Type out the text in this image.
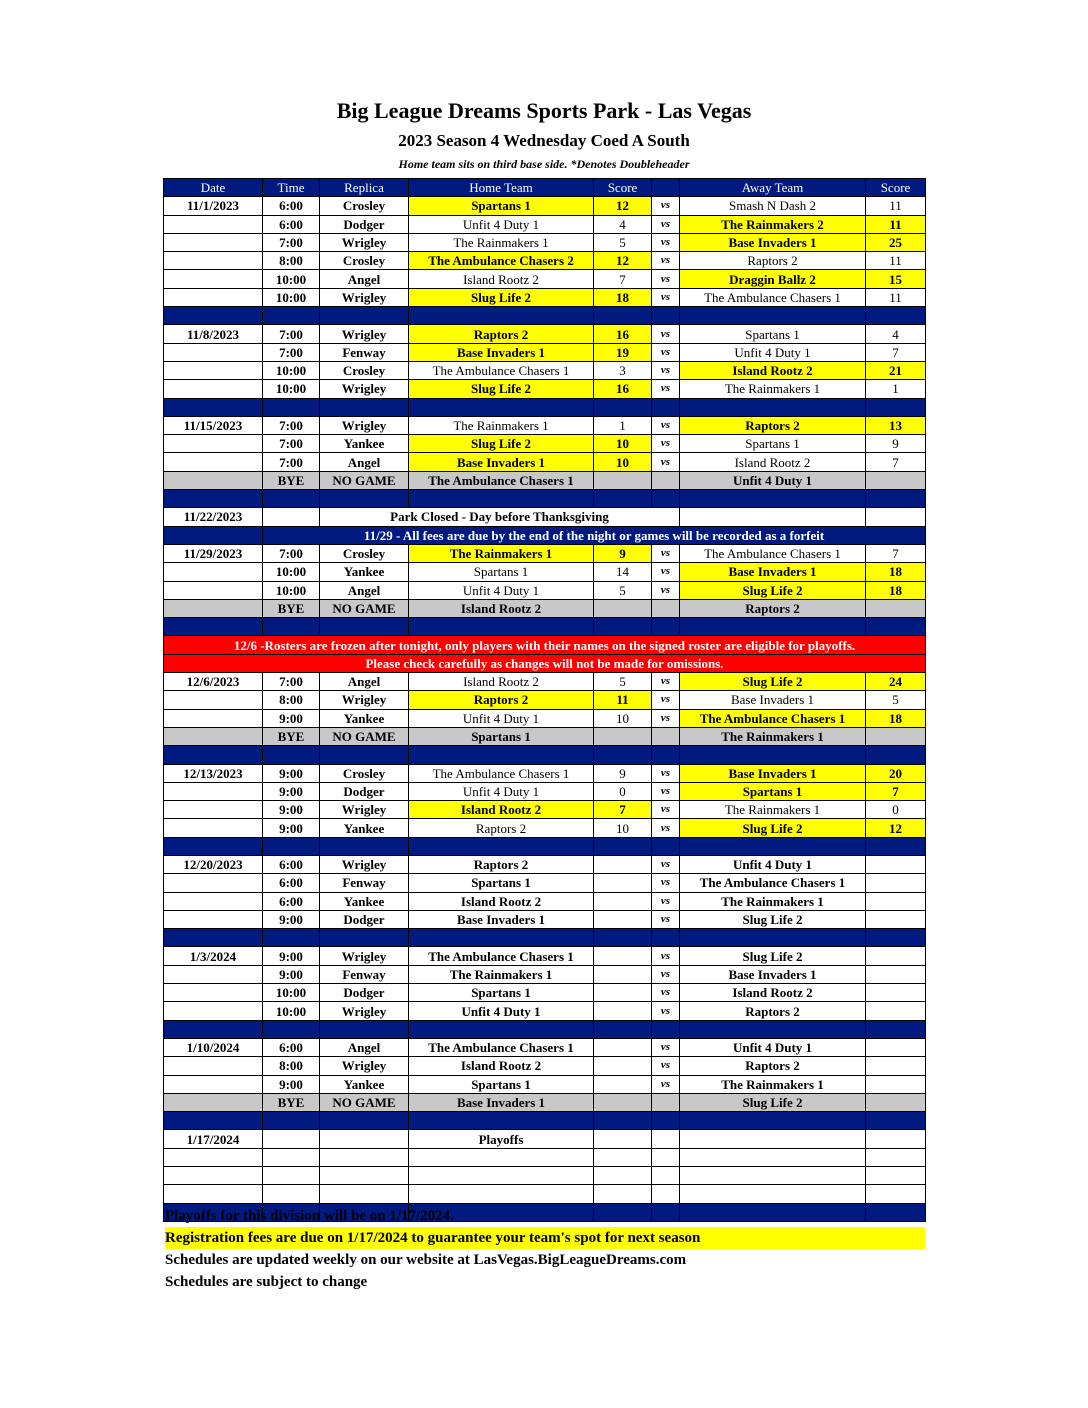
Big League Dreams Sports Park - Las Vegas
2023 Season 4 Wednesday Coed A South
Home team sits on third base side. *Denotes Doubleheader
Date	Time	Replica	Home Team	Score		Away Team	Score
11/1/2023	6:00	Crosley	Spartans 1	12	vs	Smash N Dash 2	11
	6:00	Dodger	Unfit 4 Duty 1	4	vs	The Rainmakers 2	11
	7:00	Wrigley	The Rainmakers 1	5	vs	Base Invaders 1	25
	8:00	Crosley	The Ambulance Chasers 2	12	vs	Raptors 2	11
	10:00	Angel	Island Rootz 2	7	vs	Draggin Ballz 2	15
	10:00	Wrigley	Slug Life 2	18	vs	The Ambulance Chasers 1	11

11/8/2023	7:00	Wrigley	Raptors 2	16	vs	Spartans 1	4
	7:00	Fenway	Base Invaders 1	19	vs	Unfit 4 Duty 1	7
	10:00	Crosley	The Ambulance Chasers 1	3	vs	Island Rootz 2	21
	10:00	Wrigley	Slug Life 2	16	vs	The Rainmakers 1	1

11/15/2023	7:00	Wrigley	The Rainmakers 1	1	vs	Raptors 2	13
	7:00	Yankee	Slug Life 2	10	vs	Spartans 1	9
	7:00	Angel	Base Invaders 1	10	vs	Island Rootz 2	7
	BYE	NO GAME	The Ambulance Chasers 1			Unfit 4 Duty 1	

11/22/2023		Park Closed - Day before Thanksgiving					
	11/29 - All fees are due by the end of the night or games will be recorded as a forfeit						
11/29/2023	7:00	Crosley	The Rainmakers 1	9	vs	The Ambulance Chasers 1	7
	10:00	Yankee	Spartans 1	14	vs	Base Invaders 1	18
	10:00	Angel	Unfit 4 Duty 1	5	vs	Slug Life 2	18
	BYE	NO GAME	Island Rootz 2			Raptors 2	

12/6 -Rosters are frozen after tonight, only players with their names on the signed roster are eligible for playoffs.							
Please check carefully as changes will not be made for omissions.							
12/6/2023	7:00	Angel	Island Rootz 2	5	vs	Slug Life 2	24
	8:00	Wrigley	Raptors 2	11	vs	Base Invaders 1	5
	9:00	Yankee	Unfit 4 Duty 1	10	vs	The Ambulance Chasers 1	18
	BYE	NO GAME	Spartans 1			The Rainmakers 1	

12/13/2023	9:00	Crosley	The Ambulance Chasers 1	9	vs	Base Invaders 1	20
	9:00	Dodger	Unfit 4 Duty 1	0	vs	Spartans 1	7
	9:00	Wrigley	Island Rootz 2	7	vs	The Rainmakers 1	0
	9:00	Yankee	Raptors 2	10	vs	Slug Life 2	12

12/20/2023	6:00	Wrigley	Raptors 2		vs	Unfit 4 Duty 1	
	6:00	Fenway	Spartans 1		vs	The Ambulance Chasers 1	
	6:00	Yankee	Island Rootz 2		vs	The Rainmakers 1	
	9:00	Dodger	Base Invaders 1		vs	Slug Life 2	

1/3/2024	9:00	Wrigley	The Ambulance Chasers 1		vs	Slug Life 2	
	9:00	Fenway	The Rainmakers 1		vs	Base Invaders 1	
	10:00	Dodger	Spartans 1		vs	Island Rootz 2	
	10:00	Wrigley	Unfit 4 Duty 1		vs	Raptors 2	

1/10/2024	6:00	Angel	The Ambulance Chasers 1		vs	Unfit 4 Duty 1	
	8:00	Wrigley	Island Rootz 2		vs	Raptors 2	
	9:00	Yankee	Spartans 1		vs	The Rainmakers 1	
	BYE	NO GAME	Base Invaders 1			Slug Life 2	

1/17/2024			Playoffs				

Playoffs for this division will be on 1/17/2024.
Registration fees are due on 1/17/2024 to guarantee your team's spot for next season
Schedules are updated weekly on our website at LasVegas.BigLeagueDreams.com
Schedules are subject to change
